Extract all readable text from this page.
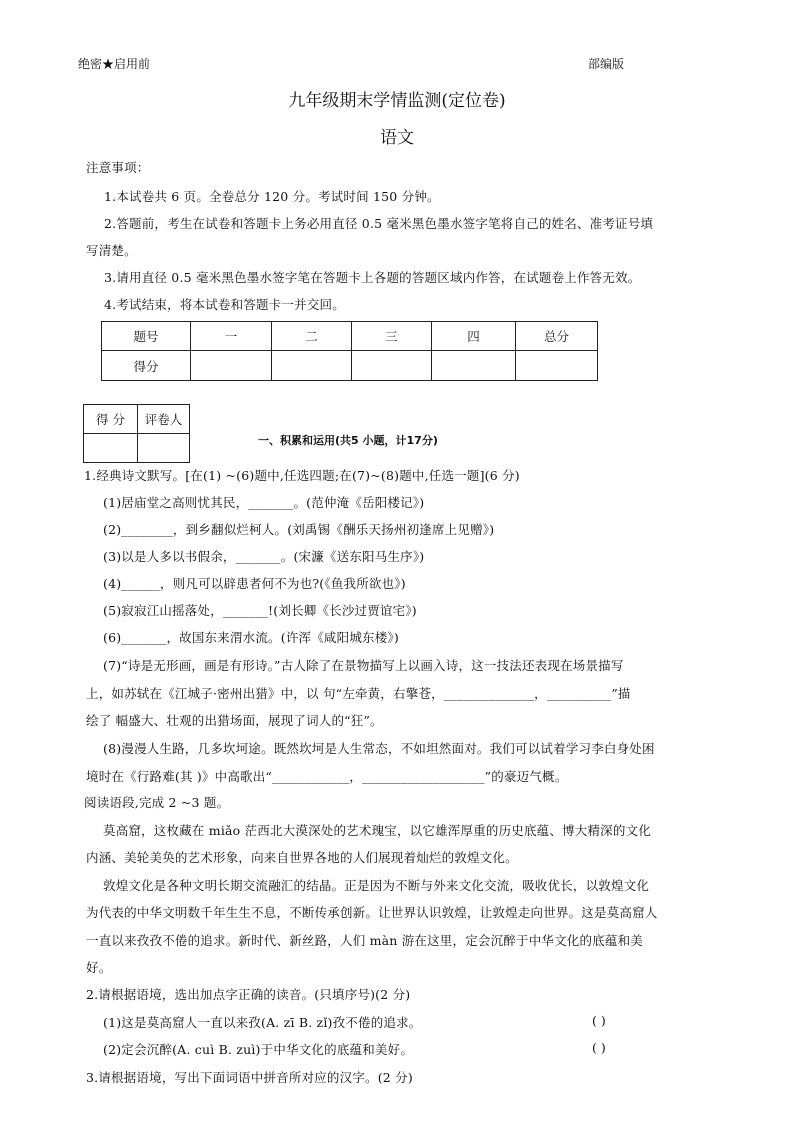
绝密★启用前	部编版
九年级期末学情监测(定位卷)
语文
注意事项：
1.本试卷共 6 页。全卷总分 120 分。考试时间 150 分钟。
2.答题前，考生在试卷和答题卡上务必用直径 0.5 毫米黑色墨水签字笔将自己的姓名、准考证号填
写清楚。
3.请用直径 0.5 毫米黑色墨水签字笔在答题卡上各题的答题区域内作答，在试题卷上作答无效。
4.考试结束，将本试卷和答题卡一并交回。
题号	一	二	三	四	总分
得分					
得 分	评卷人

一、积累和运用(共5 小题，计17分)
1.经典诗文默写。[在(1) ~(6)题中,任选四题;在(7)~(8)题中,任选一题](6 分)
(1)居庙堂之高则忧其民，_______。(范仲淹《岳阳楼记》)
(2)________，到乡翻似烂柯人。(刘禹锡《酬乐天扬州初逢席上见赠》)
(3)以是人多以书假余，_______。(宋濂《送东阳马生序》)
(4)______，则凡可以辟患者何不为也?(《鱼我所欲也》)
(5)寂寂江山摇落处，_______!(刘长卿《长沙过贾谊宅》)
(6)_______，故国东来渭水流。(许浑《咸阳城东楼》)
(7)“诗是无形画，画是有形诗。”古人除了在景物描写上以画入诗，这一技法还表现在场景描写
上，如苏轼在《江城子·密州出猎》中，以 句“左牵黄，右擎苍，______________，__________”描
绘了 幅盛大、壮观的出猎场面，展现了词人的“狂”。
(8)漫漫人生路，几多坎坷途。既然坎坷是人生常态，不如坦然面对。我们可以试着学习李白身处困
境时在《行路难(其 )》中高歌出“____________，___________________”的豪迈气概。
阅读语段,完成 2 ~3 题。
莫高窟，这枚藏在 miǎo 茫西北大漠深处的艺术瑰宝，以它雄浑厚重的历史底蕴、博大精深的文化
内涵、美轮美奂的艺术形象，向来自世界各地的人们展现着灿烂的敦煌文化。
敦煌文化是各种文明长期交流融汇的结晶。正是因为不断与外来文化交流，吸收优长，以敦煌文化
为代表的中华文明数千年生生不息，不断传承创新。让世界认识敦煌，让敦煌走向世界。这是莫高窟人
一直以来孜孜不倦的追求。新时代、新丝路，人们 màn 游在这里，定会沉醉于中华文化的底蕴和美
好。
2.请根据语境，选出加点字正确的读音。(只填序号)(2 分)
(1)这是莫高窟人一直以来孜(A. zī B. zǐ)孜不倦的追求。	( )
(2)定会沉醉(A. cuì B. zuì)于中华文化的底蕴和美好。	( )
3.请根据语境，写出下面词语中拼音所对应的汉字。(2 分)
